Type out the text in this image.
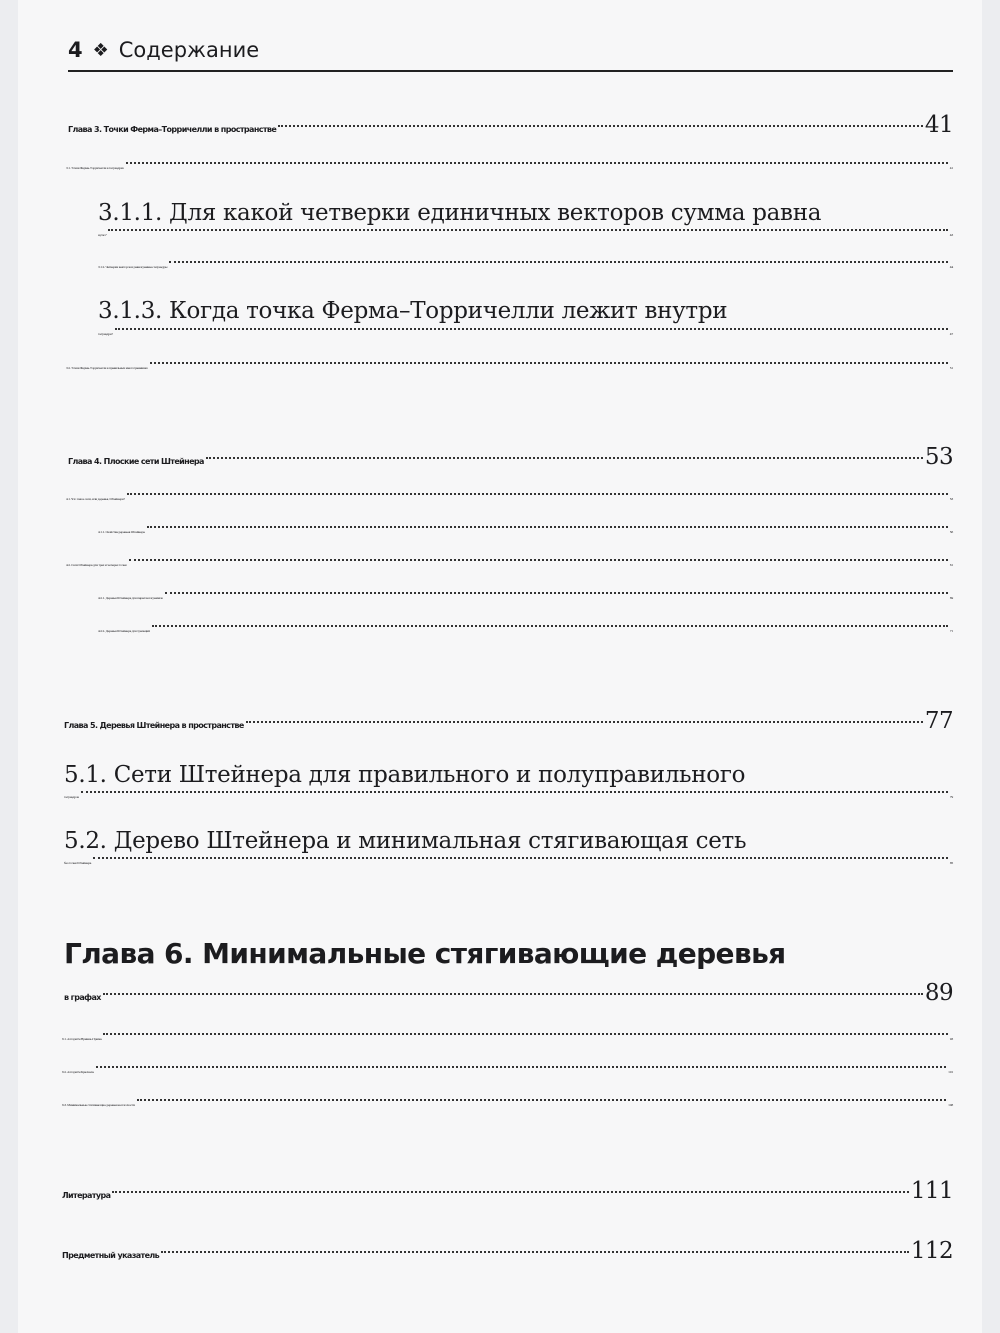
4 ❖ Содержание
Глава 3. Точки Ферма–Торричелли в пространстве	41
3.1. Точки Ферма–Торричелли в тетраэдрах	41
3.1.1. Для какой четверки единичных векторов сумма равна
нулю?	43
3.1.2. Четверки векторов и равногранные тетраэдры	44
3.1.3. Когда точка Ферма–Торричелли лежит внутри
тетраэдра?	47
3.2. Точки Ферма–Торричелли в правильных многогранниках	51
Глава 4. Плоские сети Штейнера	53
4.1. Что такое сети, или деревья, Штейнера?	53
4.1.1. Свойства деревьев Штейнера	56
4.2. Сети Штейнера для трех и четырех точек	61
4.2.1. Деревья Штейнера для параллелограммов	69
4.2.2. Деревья Штейнера для трапеций	71
Глава 5. Деревья Штейнера в пространстве	77
5.1. Сети Штейнера для правильного и полуправильного
тетраэдров	79
5.2. Дерево Штейнера и минимальная стягивающая сеть
без точек Штейнера	85
Глава 6. Минимальные стягивающие деревья
в графах	89
6.1. Алгоритм Ярника–Прима	93
6.2. Алгоритм Краскала	101
6.3. Минимальные стягивающие деревья на плоскости	108
Литература	111
Предметный указатель	112
